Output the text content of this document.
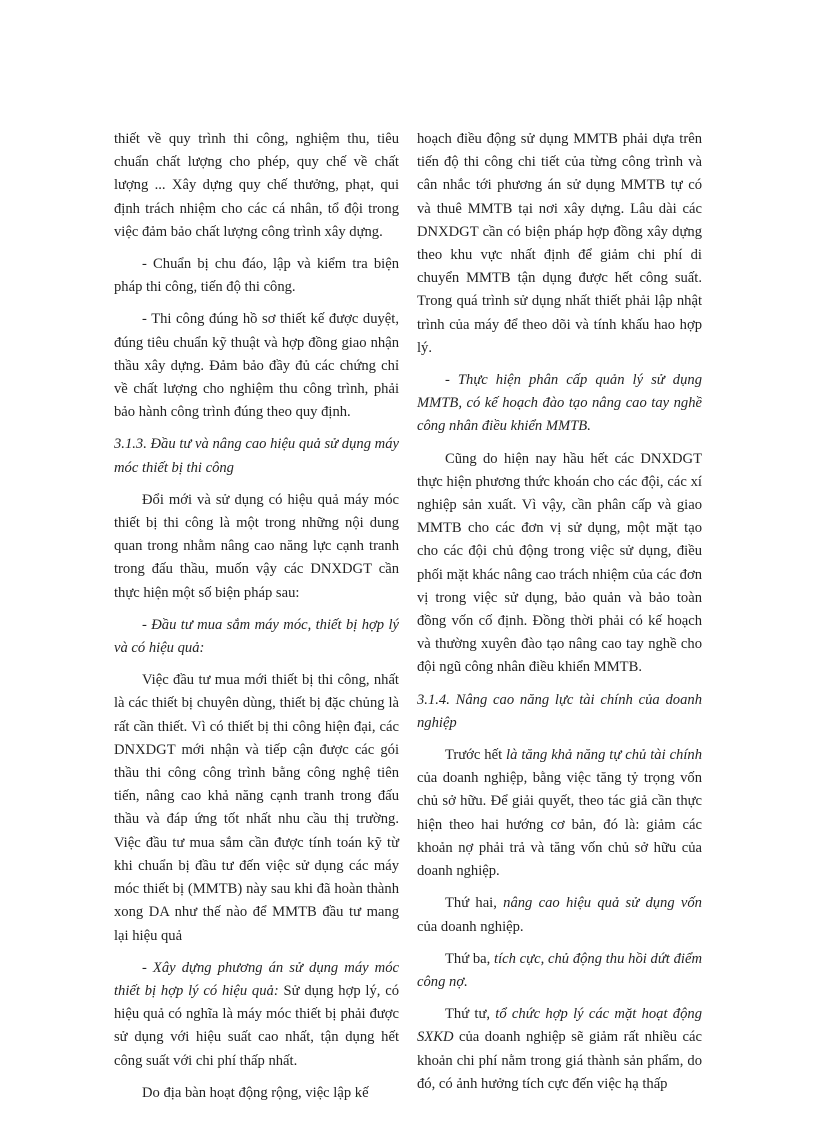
thiết về quy trình thi công, nghiệm thu, tiêu chuẩn chất lượng cho phép, quy chế về chất lượng ... Xây dựng quy chế thưởng, phạt, qui định trách nhiệm cho các cá nhân, tổ đội trong việc đảm bảo chất lượng công trình xây dựng.

- Chuẩn bị chu đáo, lập và kiểm tra biện pháp thi công, tiến độ thi công.

- Thi công đúng hồ sơ thiết kế được duyệt, đúng tiêu chuẩn kỹ thuật và hợp đồng giao nhận thầu xây dựng. Đảm bảo đầy đủ các chứng chỉ về chất lượng cho nghiệm thu công trình, phải bảo hành công trình đúng theo quy định.

3.1.3. Đầu tư và nâng cao hiệu quả sử dụng máy móc thiết bị thi công

Đổi mới và sử dụng có hiệu quả máy móc thiết bị thi công là một trong những nội dung quan trong nhằm nâng cao năng lực cạnh tranh trong đấu thầu, muốn vậy các DNXDGT cần thực hiện một số biện pháp sau:

- Đầu tư mua sắm máy móc, thiết bị hợp lý và có hiệu quả:

Việc đầu tư mua mới thiết bị thi công, nhất là các thiết bị chuyên dùng, thiết bị đặc chủng là rất cần thiết. Vì có thiết bị thi công hiện đại, các DNXDGT mới nhận và tiếp cận được các gói thầu thi công công trình bằng công nghệ tiên tiến, nâng cao khả năng cạnh tranh trong đấu thầu và đáp ứng tốt nhất nhu cầu thị trường. Việc đầu tư mua sắm cần được tính toán kỹ từ khi chuẩn bị đầu tư đến việc sử dụng các máy móc thiết bị (MMTB) này sau khi đã hoàn thành xong DA như thế nào để MMTB đầu tư mang lại hiệu quả

- Xây dựng phương án sử dụng máy móc thiết bị hợp lý có hiệu quả: Sử dụng hợp lý, có hiệu quả có nghĩa là máy móc thiết bị phải được sử dụng với hiệu suất cao nhất, tận dụng hết công suất với chi phí thấp nhất.

Do địa bàn hoạt động rộng, việc lập kế

hoạch điều động sử dụng MMTB phải dựa trên tiến độ thi công chi tiết của từng công trình và cân nhắc tới phương án sử dụng MMTB tự có và thuê MMTB tại nơi xây dựng. Lâu dài các DNXDGT cần có biện pháp hợp đồng xây dựng theo khu vực nhất định để giảm chi phí di chuyển MMTB tận dụng được hết công suất. Trong quá trình sử dụng nhất thiết phải lập nhật trình của máy để theo dõi và tính khấu hao hợp lý.

- Thực hiện phân cấp quản lý sử dụng MMTB, có kế hoạch đào tạo nâng cao tay nghề công nhân điều khiển MMTB.

Cũng do hiện nay hầu hết các DNXDGT thực hiện phương thức khoán cho các đội, các xí nghiệp sản xuất. Vì vậy, cần phân cấp và giao MMTB cho các đơn vị sử dụng, một mặt tạo cho các đội chủ động trong việc sử dụng, điều phối mặt khác nâng cao trách nhiệm của các đơn vị trong việc sử dụng, bảo quản và bảo toàn đồng vốn cố định. Đồng thời phải có kế hoạch và thường xuyên đào tạo nâng cao tay nghề cho đội ngũ công nhân điều khiển MMTB.

3.1.4. Nâng cao năng lực tài chính của doanh nghiệp

Trước hết là tăng khả năng tự chủ tài chính của doanh nghiệp, bằng việc tăng tỷ trọng vốn chủ sở hữu. Để giải quyết, theo tác giả cần thực hiện theo hai hướng cơ bản, đó là: giảm các khoản nợ phải trả và tăng vốn chủ sở hữu của doanh nghiệp.

Thứ hai, nâng cao hiệu quả sử dụng vốn của doanh nghiệp.

Thứ ba, tích cực, chủ động thu hồi dứt điểm công nợ.

Thứ tư, tổ chức hợp lý các mặt hoạt động SXKD của doanh nghiệp sẽ giảm rất nhiều các khoản chi phí nằm trong giá thành sản phẩm, do đó, có ảnh hưởng tích cực đến việc hạ thấp
